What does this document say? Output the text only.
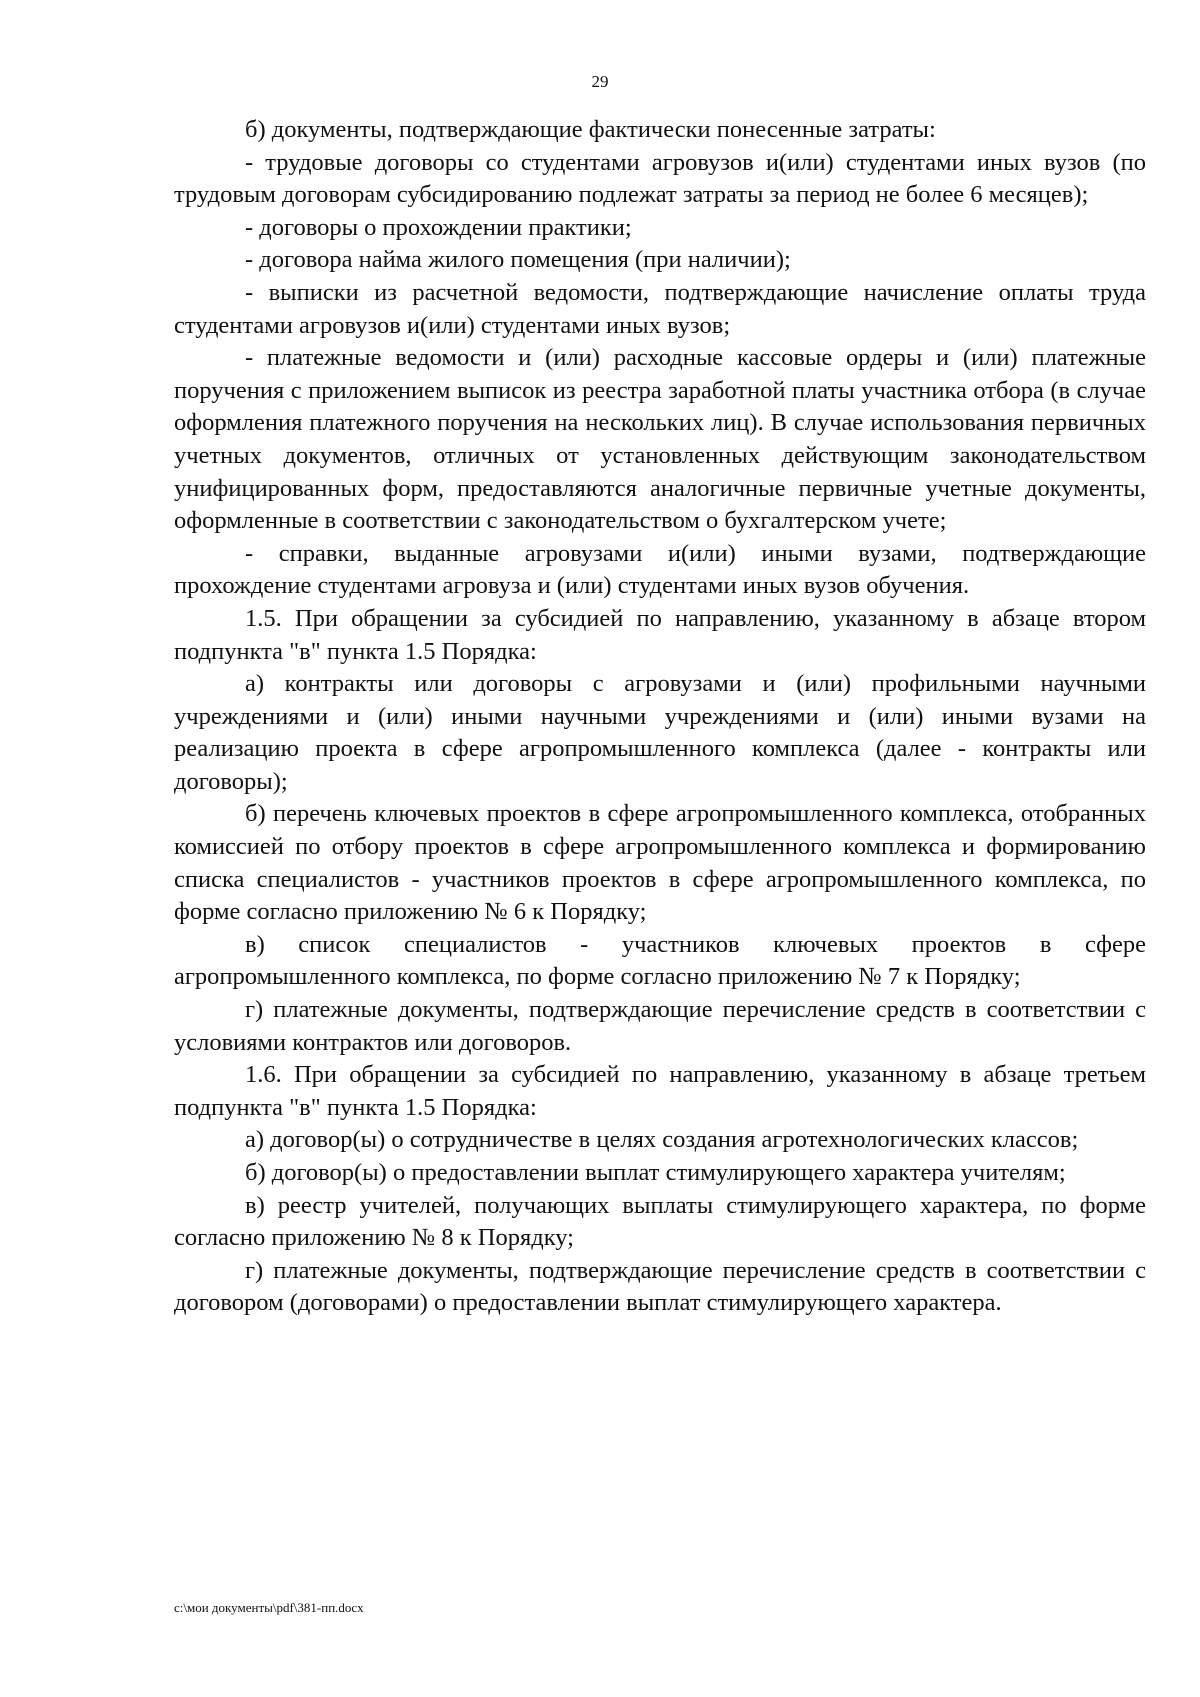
29

б) документы, подтверждающие фактически понесенные затраты:

- трудовые договоры со студентами агровузов и(или) студентами иных вузов (по трудовым договорам субсидированию подлежат затраты за период не более 6 месяцев);

- договоры о прохождении практики;

- договора найма жилого помещения (при наличии);

- выписки из расчетной ведомости, подтверждающие начисление оплаты труда студентами агровузов и(или) студентами иных вузов;

- платежные ведомости и (или) расходные кассовые ордеры и (или) платежные поручения с приложением выписок из реестра заработной платы участника отбора (в случае оформления платежного поручения на нескольких лиц). В случае использования первичных учетных документов, отличных от установленных действующим законодательством унифицированных форм, предоставляются аналогичные первичные учетные документы, оформленные в соответствии с законодательством о бухгалтерском учете;

- справки, выданные агровузами и(или) иными вузами, подтверждающие прохождение студентами агровуза и (или) студентами иных вузов обучения.

1.5. При обращении за субсидией по направлению, указанному в абзаце втором подпункта "в" пункта 1.5 Порядка:

а) контракты или договоры с агровузами и (или) профильными научными учреждениями и (или) иными научными учреждениями и (или) иными вузами на реализацию проекта в сфере агропромышленного комплекса (далее - контракты или договоры);

б) перечень ключевых проектов в сфере агропромышленного комплекса, отобранных комиссией по отбору проектов в сфере агропромышленного комплекса и формированию списка специалистов - участников проектов в сфере агропромышленного комплекса, по форме согласно приложению № 6 к Порядку;

в) список специалистов - участников ключевых проектов в сфере агропромышленного комплекса, по форме согласно приложению № 7 к Порядку;

г) платежные документы, подтверждающие перечисление средств в соответствии с условиями контрактов или договоров.

1.6. При обращении за субсидией по направлению, указанному в абзаце третьем подпункта "в" пункта 1.5 Порядка:

а) договор(ы) о сотрудничестве в целях создания агротехнологических классов;

б) договор(ы) о предоставлении выплат стимулирующего характера учителям;

в) реестр учителей, получающих выплаты стимулирующего характера, по форме согласно приложению № 8 к Порядку;

г) платежные документы, подтверждающие перечисление средств в соответствии с договором (договорами) о предоставлении выплат стимулирующего характера.

c:\мои документы\pdf\381-пп.docx
